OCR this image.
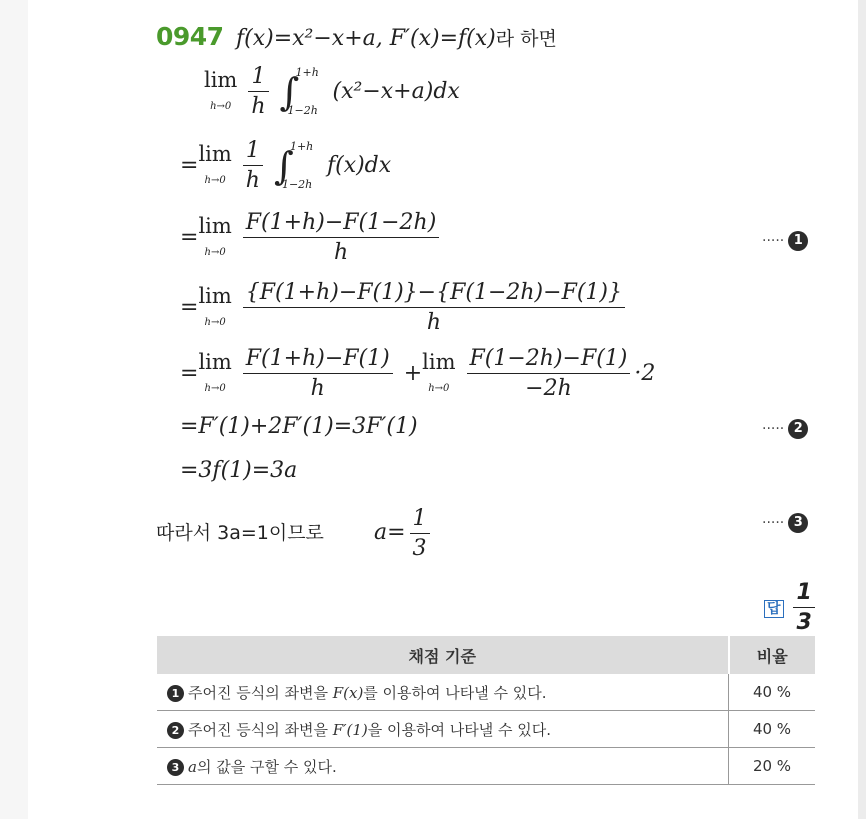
0947 f(x)=x²−x+a, F′(x)=f(x)라 하면
lim
$h\to 0 \frac{1}{h}$
∫
1+h
1−2h
(x²−x+a)dx
=lim
$h\to 0 \frac{1}{h}$
∫
1+h
1−2h
f(x)dx
=lim
$h\to 0 \frac{F(1+h)-F(1-2h)}{h}$	····· 1
=lim
$h\to 0 \frac{\{F(1+h)-F(1)\}-\{F(1-2h)-F(1)\}}{h}$
=lim
$h\to 0 \frac{F(1+h)-F(1)}{h} +\lim$
$h\to 0 \frac{F(1-2h)-F(1)}{-2h} \cdot 2$
=F′(1)+2F′(1)=3F′(1)	····· 2
=3f(1)=3a
따라서 3a=1이므로 $a= \frac{1}{3}$	····· 3
답 $\frac{1}{3}$
채점 기준	비율
1 주어진 등식의 좌변을 F(x)를 이용하여 나타낼 수 있다.	40 %
2 주어진 등식의 좌변을 F′(1)을 이용하여 나타낼 수 있다.	40 %
3 a의 값을 구할 수 있다.	20 %
